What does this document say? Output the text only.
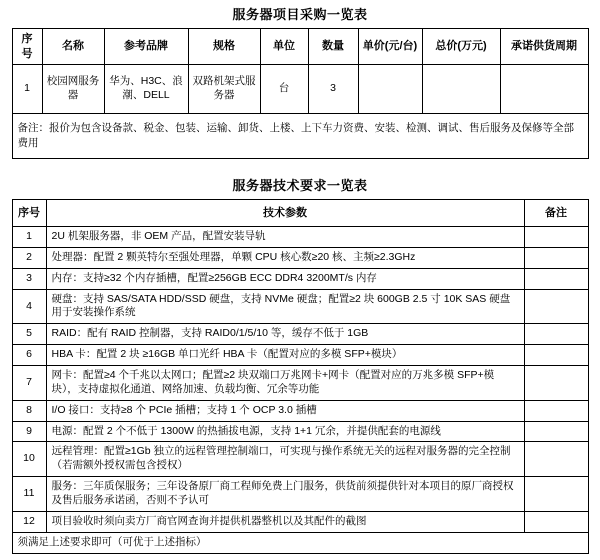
服务器项目采购一览表
序号	名称	参考品牌	规格	单位	数量	单价(元/台)	总价(万元)	承诺供货周期
1	校园网服务器	华为、H3C、浪潮、DELL	双路机架式服务器	台	3			
备注：报价为包含设备款、税金、包装、运输、卸货、上楼、上下车力资费、安装、检测、调试、售后服务及保修等全部费用								
服务器技术要求一览表
序号	技术参数	备注
1	2U 机架服务器，非 OEM 产品，配置安装导轨	
2	处理器：配置 2 颗英特尔至强处理器，单颗 CPU 核心数≥20 核、主频≥2.3GHz	
3	内存：支持≥32 个内存插槽，配置≥256GB ECC DDR4 3200MT/s 内存	
4	硬盘：支持 SAS/SATA HDD/SSD 硬盘，支持 NVMe 硬盘；配置≥2 块 600GB 2.5 寸 10K SAS 硬盘用于安装操作系统	
5	RAID：配有 RAID 控制器，支持 RAID0/1/5/10 等，缓存不低于 1GB	
6	HBA 卡：配置 2 块 ≥16GB 单口光纤 HBA 卡（配置对应的多模 SFP+模块）	
7	网卡：配置≥4 个千兆以太网口；配置≥2 块双端口万兆网卡+网卡（配置对应的万兆多模 SFP+模块），支持虚拟化通道、网络加速、负载均衡、冗余等功能	
8	I/O 接口：支持≥8 个 PCIe 插槽；支持 1 个 OCP 3.0 插槽	
9	电源：配置 2 个不低于 1300W 的热插拔电源，支持 1+1 冗余，并提供配套的电源线	
10	远程管理：配置≥1Gb 独立的远程管理控制端口，可实现与操作系统无关的远程对服务器的完全控制（若需额外授权需包含授权）	
11	服务：三年质保服务；三年设备原厂商工程师免费上门服务，供货前须提供针对本项目的原厂商授权及售后服务承诺函，否则不予认可	
12	项目验收时须向卖方厂商官网查询并提供机器整机以及其配件的截图	
须满足上述要求即可（可优于上述指标）		
